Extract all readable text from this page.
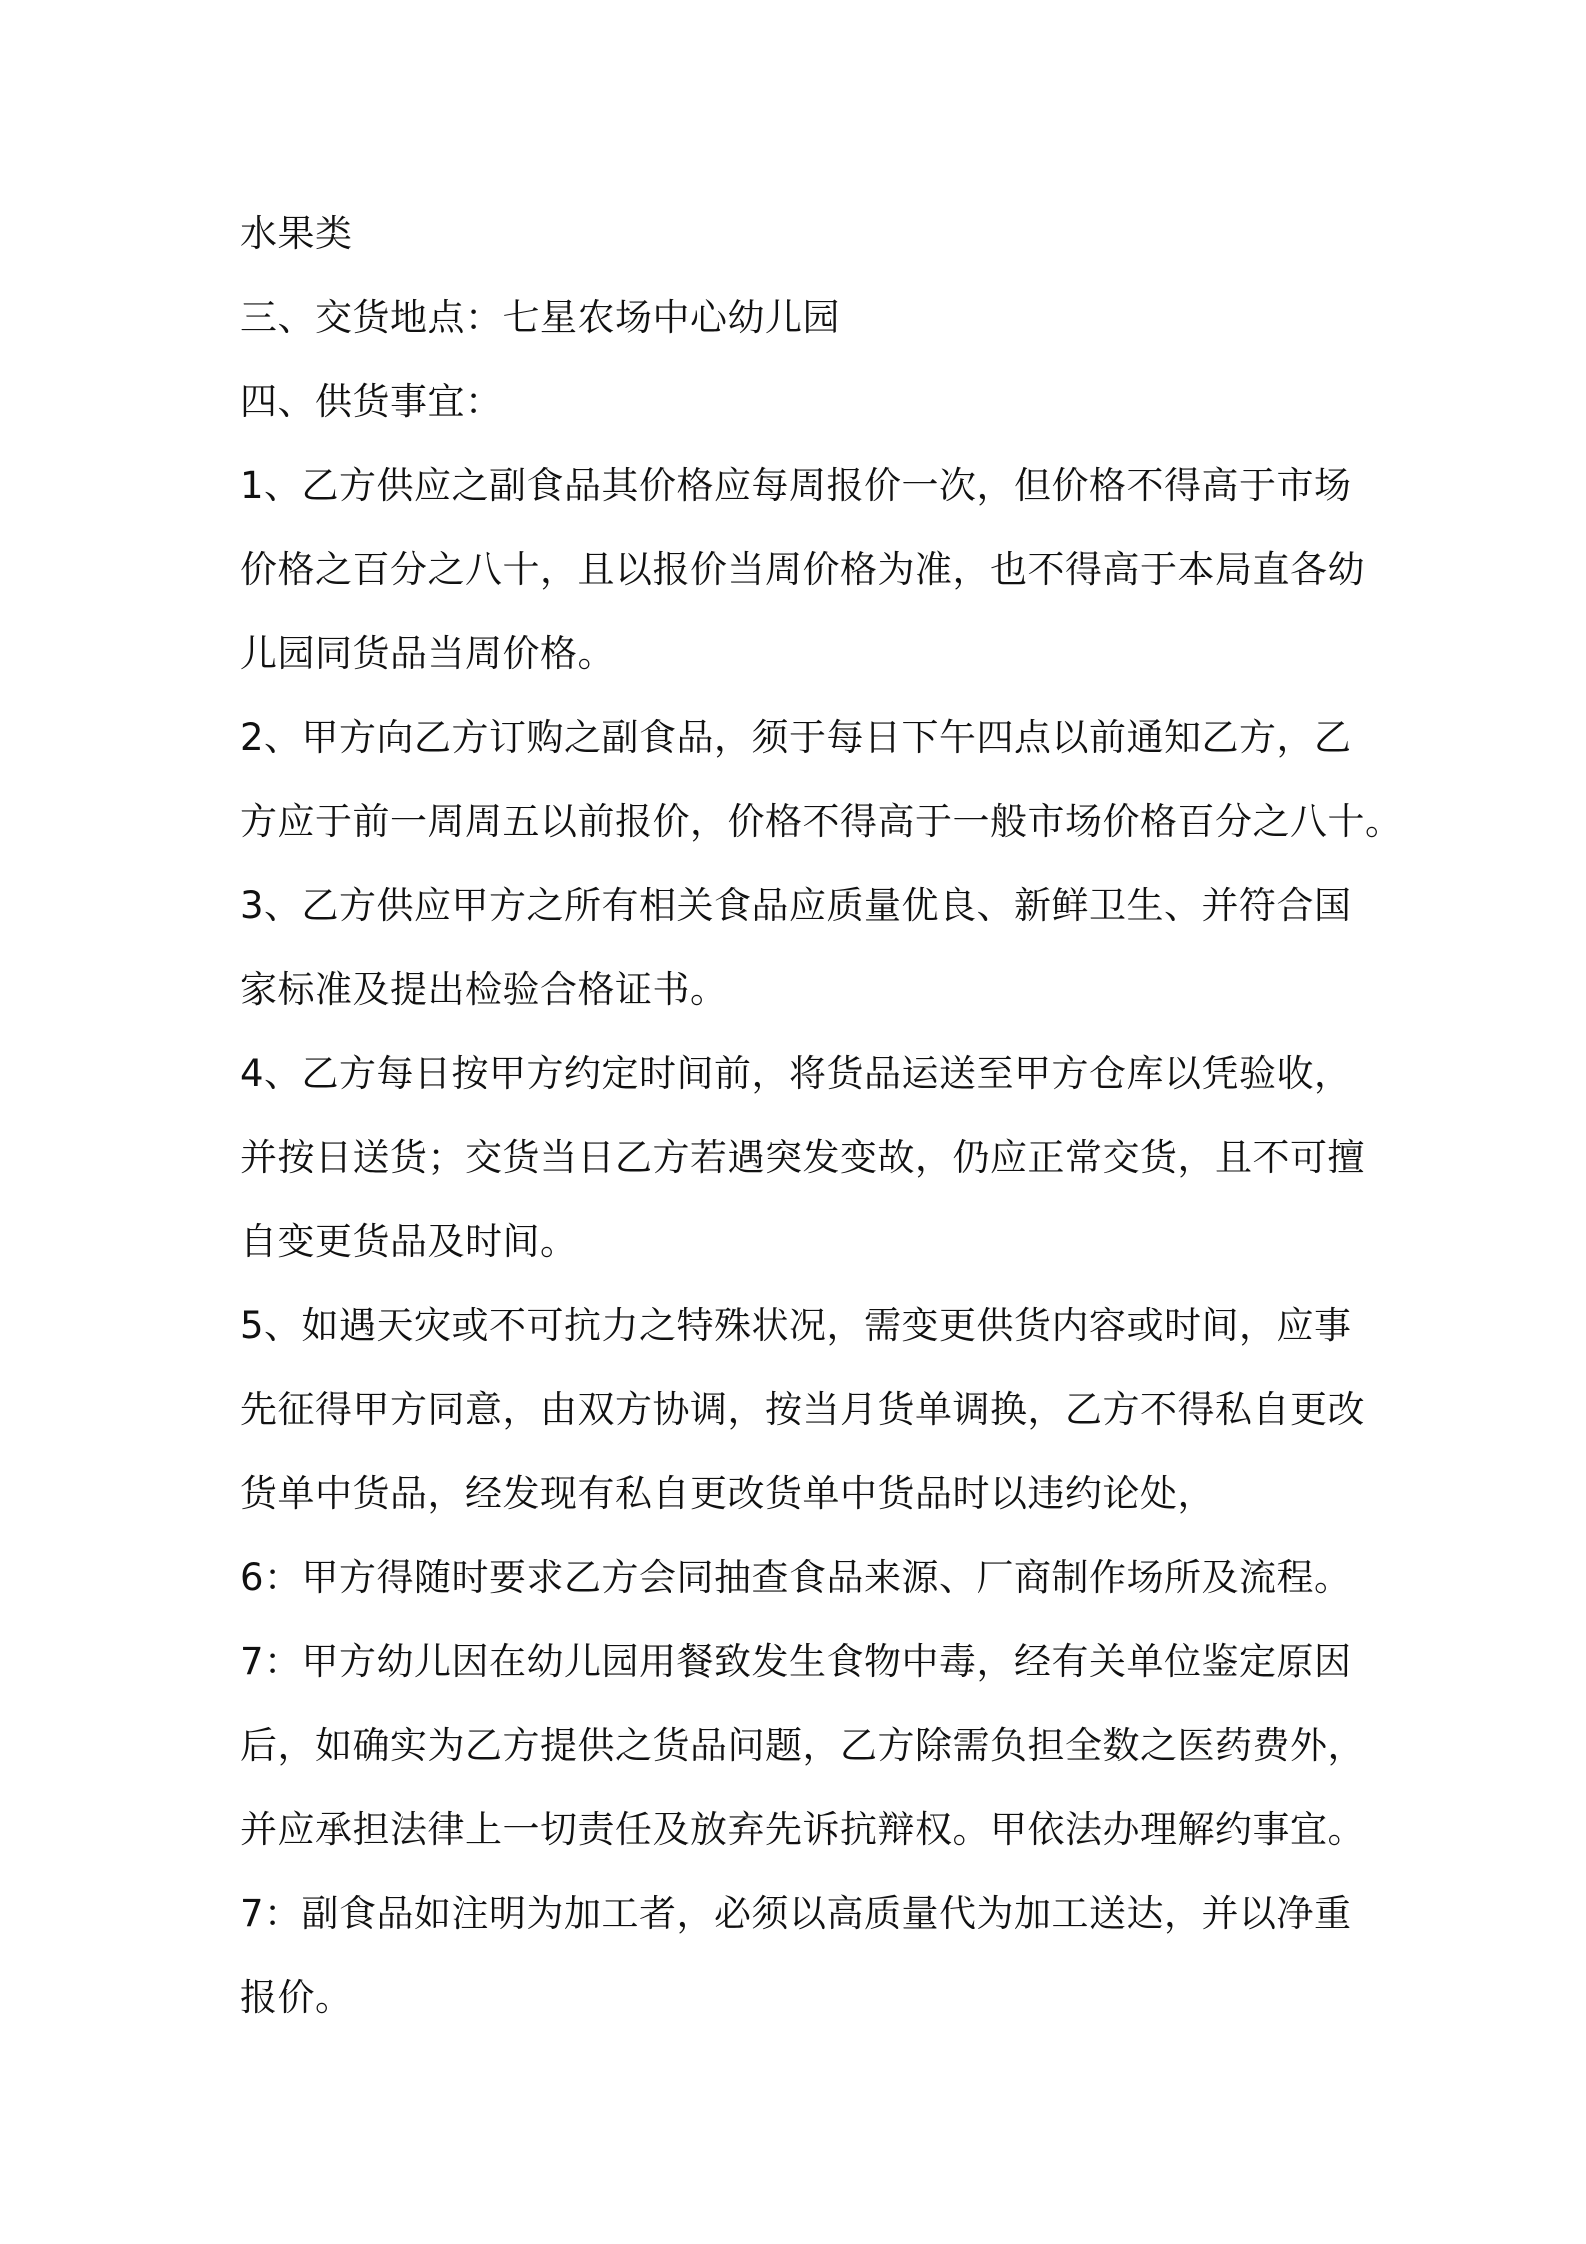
水果类
三、交货地点：七星农场中心幼儿园
四、供货事宜：
1、乙方供应之副食品其价格应每周报价一次，但价格不得高于市场
价格之百分之八十，且以报价当周价格为准，也不得高于本局直各幼
儿园同货品当周价格。
2、甲方向乙方订购之副食品，须于每日下午四点以前通知乙方，乙
方应于前一周周五以前报价，价格不得高于一般市场价格百分之八十。
3、乙方供应甲方之所有相关食品应质量优良、新鲜卫生、并符合国
家标准及提出检验合格证书。
4、乙方每日按甲方约定时间前，将货品运送至甲方仓库以凭验收，
并按日送货；交货当日乙方若遇突发变故，仍应正常交货，且不可擅
自变更货品及时间。
5、如遇天灾或不可抗力之特殊状况，需变更供货内容或时间，应事
先征得甲方同意，由双方协调，按当月货单调换，乙方不得私自更改
货单中货品，经发现有私自更改货单中货品时以违约论处，
6：甲方得随时要求乙方会同抽查食品来源、厂商制作场所及流程。
7：甲方幼儿因在幼儿园用餐致发生食物中毒，经有关单位鉴定原因
后，如确实为乙方提供之货品问题，乙方除需负担全数之医药费外，
并应承担法律上一切责任及放弃先诉抗辩权。甲依法办理解约事宜。
7：副食品如注明为加工者，必须以高质量代为加工送达，并以净重
报价。
